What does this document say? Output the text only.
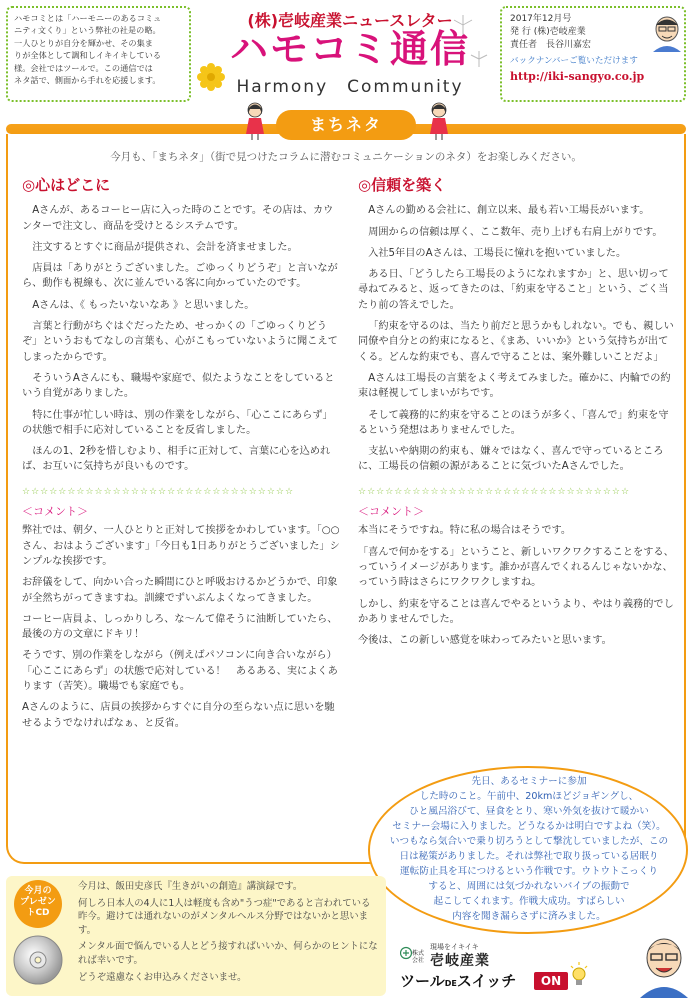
ハモコミとは「ハーモニーのあるコミュ
ニティ文くり」という弊社の社是の略。
一人ひとりが自分を輝かせ、その集ま
りが全体として調和しイキイキしている
様。会社ではツールで。この通信では
ネタ話で、側面から手れを応援します。
(株)壱岐産業ニュースレター
ハモコミ通信
Harmony　Community
2017年12月号
発 行 (株)壱岐産業
責任者　長谷川嘉宏
バックナンバーご覧いただけます
http://iki-sangyo.co.jp
まちネタ
今月も、「まちネタ」（街で見つけたコラムに潜むコミュニケーションのネタ）をお楽しみください。
◎心はどこに

Aさんが、あるコーヒー店に入った時のことです。その店は、カウンターで注文し、商品を受けとるシステムです。

注文するとすぐに商品が提供され、会計を済ませました。

店員は「ありがとうございました。ごゆっくりどうぞ」と言いながら、動作も視線も、次に並んでいる客に向かっていたのです。

Aさんは、《 もったいないなあ 》と思いました。

言葉と行動がちぐはぐだったため、せっかくの「ごゆっくりどうぞ」というおもてなしの言葉も、心がこもっていないように聞こえてしまったからです。

そういうAさんにも、職場や家庭で、似たようなことをしているという自覚がありました。

特に仕事が忙しい時は、別の作業をしながら、「心ここにあらず」の状態で相手に応対していることを反省しました。

ほんの1、2秒を惜しむより、相手に正対して、言葉に心を込めれば、お互いに気持ちが良いものです。

☆☆☆☆☆☆☆☆☆☆☆☆☆☆☆☆☆☆☆☆☆☆☆☆☆☆☆☆☆☆
＜コメント＞

弊社では、朝夕、一人ひとりと正対して挨拶をかわしています。「○○さん、おはようございます」「今日も1日ありがとうございました」シンプルな挨拶です。

お辞儀をして、向かい合った瞬間にひと呼吸おけるかどうかで、印象が全然ちがってきますね。訓練でずいぶんよくなってきました。

コーヒー店員よ、しっかりしろ、な～んて偉そうに油断していたら、最後の方の文章にドキリ！

そうです、別の作業をしながら（例えばパソコンに向き合いながら）「心ここにあらず」の状態で応対している！　あるある、実によくあります（苦笑）。職場でも家庭でも。

Aさんのように、店員の挨拶からすぐに自分の至らない点に思いを馳せるようでなければなぁ、と反省。

◎信頼を築く

Aさんの勤める会社に、創立以来、最も若い工場長がいます。

周囲からの信頼は厚く、ここ数年、売り上げも右肩上がりです。

入社5年目のAさんは、工場長に憧れを抱いていました。

ある日、「どうしたら工場長のようになれますか」と、思い切って尋ねてみると、返ってきたのは、「約束を守ること」という、ごく当たり前の答えでした。

「約束を守るのは、当たり前だと思うかもしれない。でも、親しい同僚や自分との約束になると、《まあ、いいか》という気持ちが出てくる。どんな約束でも、喜んで守ることは、案外難しいことだよ」

Aさんは工場長の言葉をよく考えてみました。確かに、内輪での約束は軽視してしまいがちです。

そして義務的に約束を守ることのほうが多く、「喜んで」約束を守るという発想はありませんでした。

支払いや納期の約束も、嫌々ではなく、喜んで守っているところに、工場長の信頼の源があることに気づいたAさんでした。

☆☆☆☆☆☆☆☆☆☆☆☆☆☆☆☆☆☆☆☆☆☆☆☆☆☆☆☆☆☆
＜コメント＞

本当にそうですね。特に私の場合はそうです。

「喜んで何かをする」ということ、新しいワクワクすることをする、っていうイメージがあります。誰かが喜んでくれるんじゃないかな、っていう時はさらにワクワクしますね。

しかし、約束を守ることは喜んでやるというより、やはり義務的でしかありませんでした。

今後は、この新しい感覚を味わってみたいと思います。

先日、あるセミナーに参加
した時のこと。午前中、20kmほどジョギングし、
ひと風呂浴びて、昼食をとり、寒い外気を抜けて暖かい
セミナー会場に入りました。どうなるかは明白ですよね（笑）。
いつもなら気合いで乗り切ろうとして撃沈していましたが、この
日は秘策がありました。それは弊社で取り扱っている居眠り
運転防止具を耳につけるという作戦です。ウトウトこっくり
すると、周囲には気づかれないバイブの振動で
起こしてくれます。作戦大成功。すばらしい
内容を聞き漏らさずに済みました。
今月の
プレゼン
トCD

今月は、飯田史彦氏『生きがいの創造』講演録です。

何しろ日本人の4人に1人は軽度も含め"うつ症"であると言われている昨今。避けては通れないのがメンタルヘルス分野ではないかと思います。

メンタル面で悩んでいる人とどう接すればいいか、何らかのヒントになれば幸いです。

どうぞ遠慮なくお申込みくださいませ。

現場をイキイキ
株式会社 壱岐産業
ツールDEスイッチ	ON
